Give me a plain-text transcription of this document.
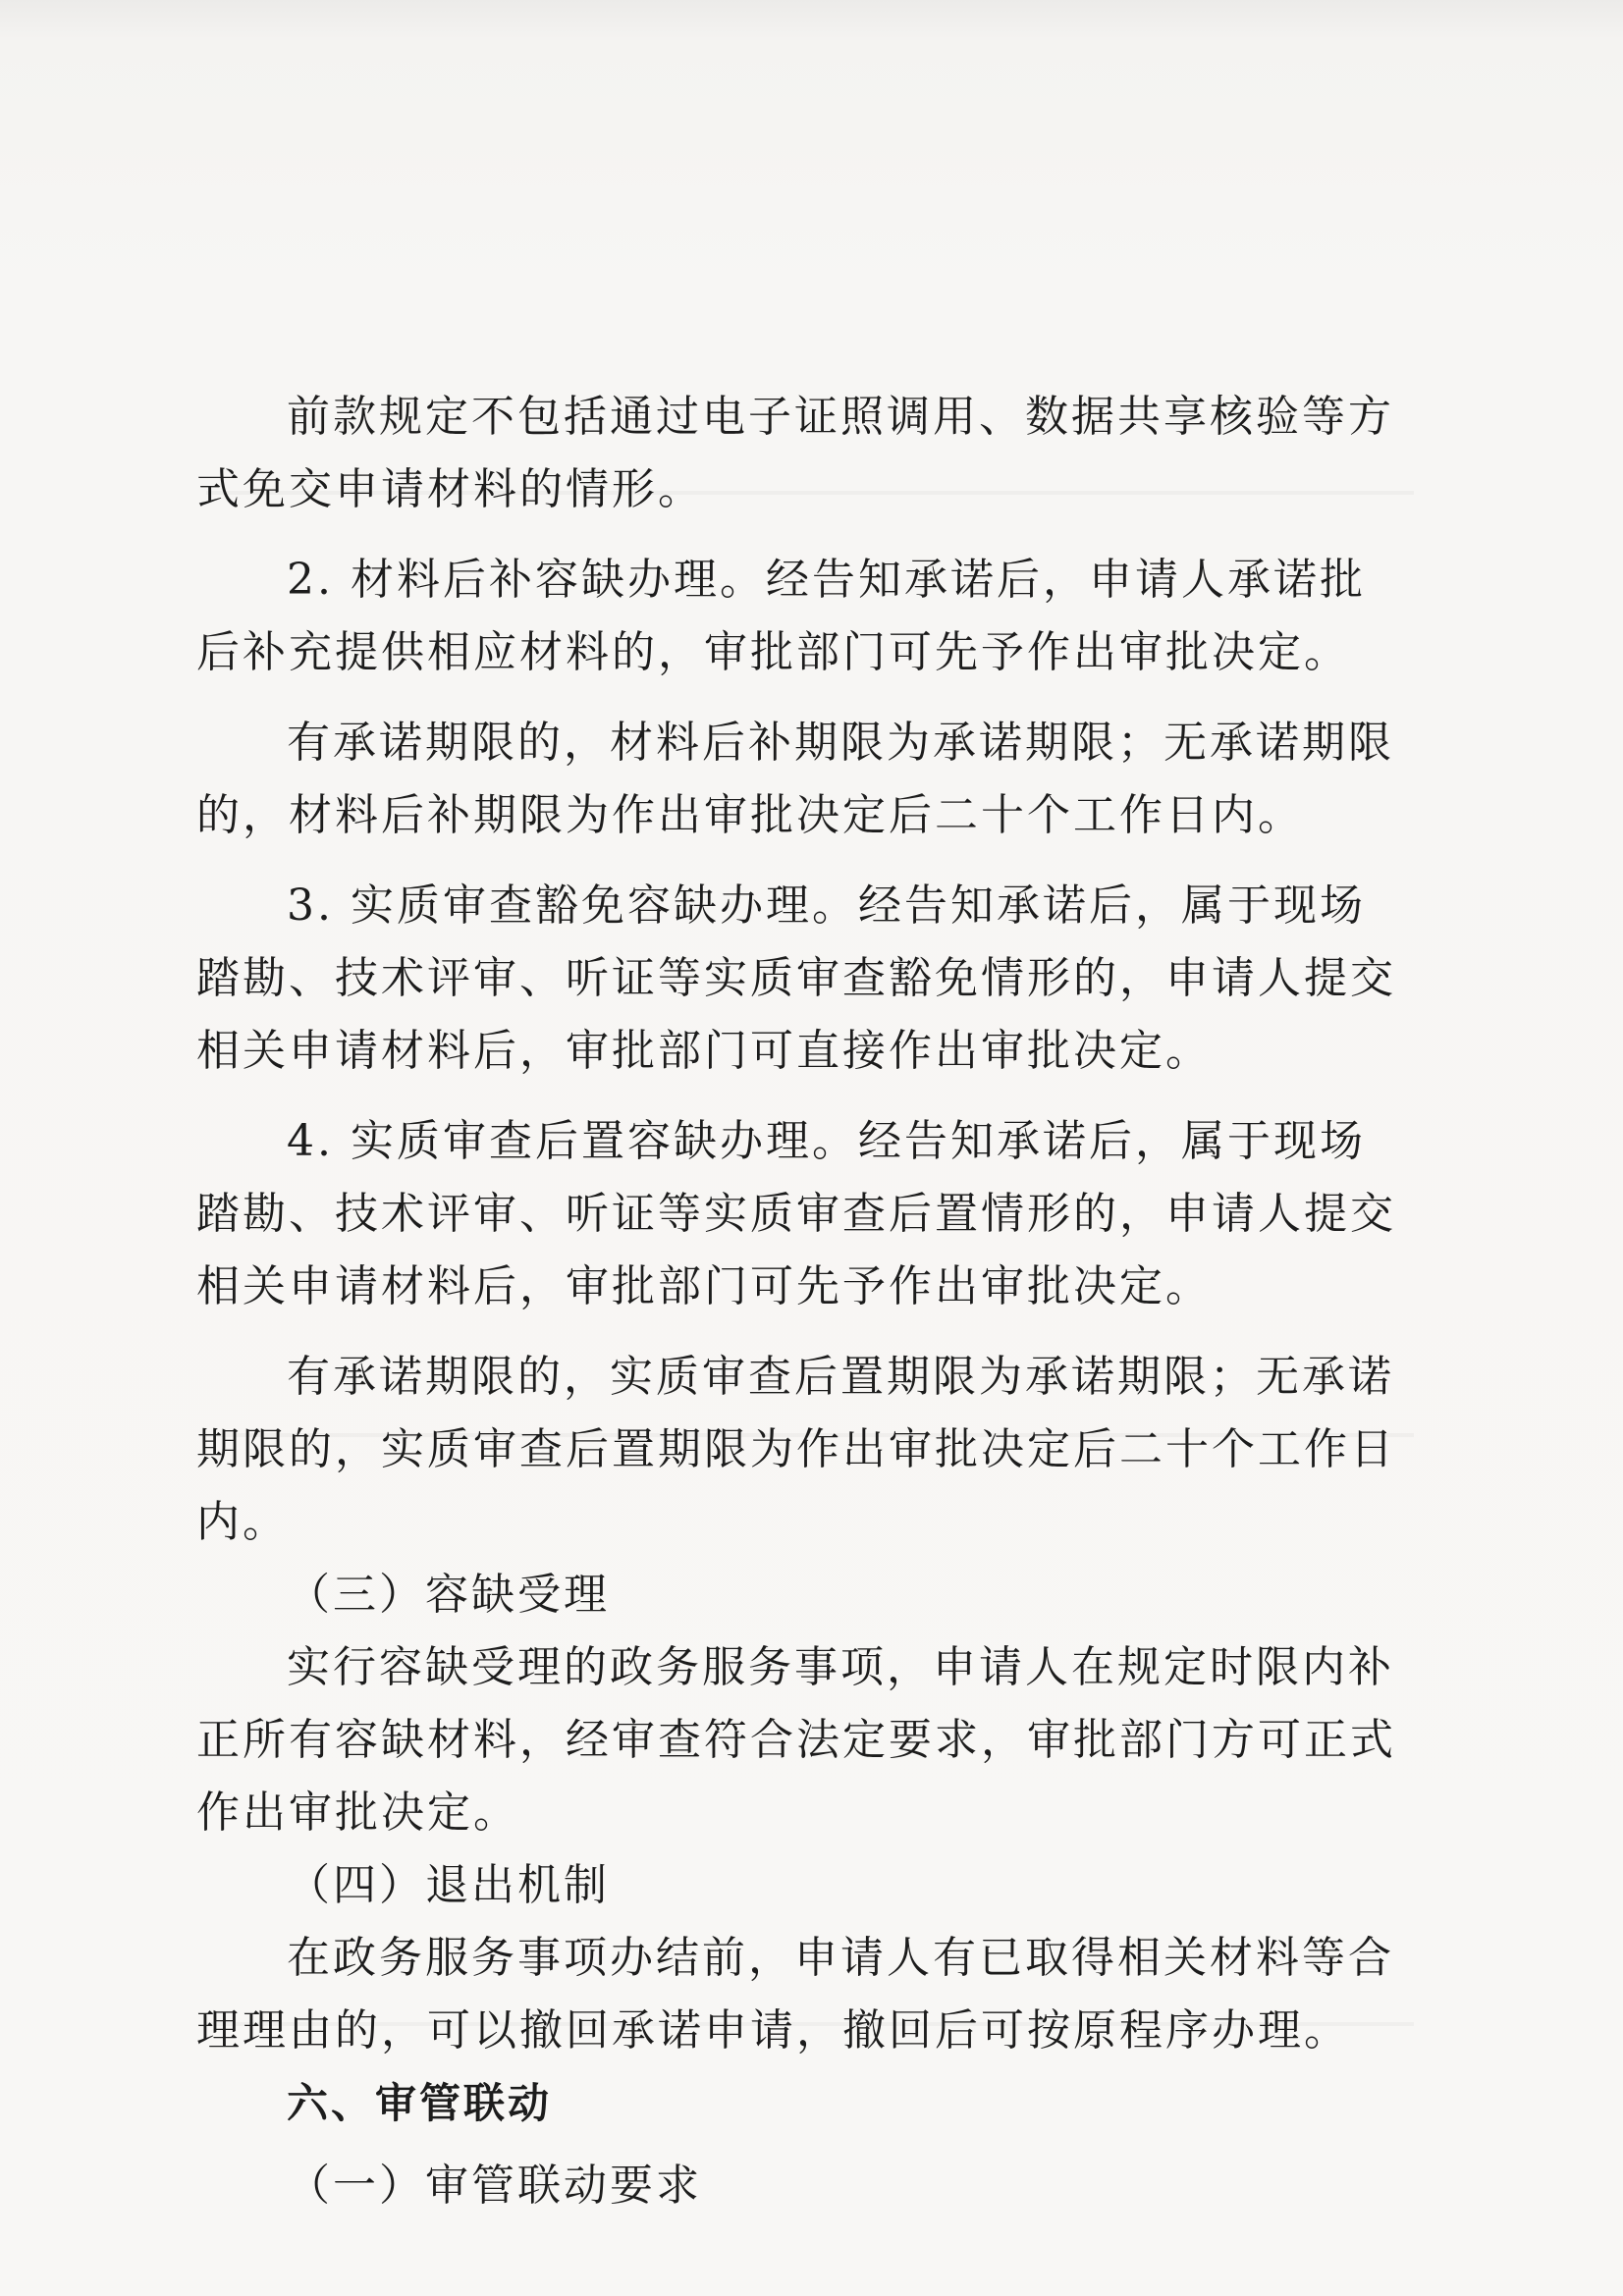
前款规定不包括通过电子证照调用、数据共享核验等方式免交申请材料的情形。

2. 材料后补容缺办理。经告知承诺后，申请人承诺批后补充提供相应材料的，审批部门可先予作出审批决定。

有承诺期限的，材料后补期限为承诺期限；无承诺期限的，材料后补期限为作出审批决定后二十个工作日内。

3. 实质审查豁免容缺办理。经告知承诺后，属于现场踏勘、技术评审、听证等实质审查豁免情形的，申请人提交相关申请材料后，审批部门可直接作出审批决定。

4. 实质审查后置容缺办理。经告知承诺后，属于现场踏勘、技术评审、听证等实质审查后置情形的，申请人提交相关申请材料后，审批部门可先予作出审批决定。

有承诺期限的，实质审查后置期限为承诺期限；无承诺期限的，实质审查后置期限为作出审批决定后二十个工作日内。

（三）容缺受理

实行容缺受理的政务服务事项，申请人在规定时限内补正所有容缺材料，经审查符合法定要求，审批部门方可正式作出审批决定。

（四）退出机制

在政务服务事项办结前，申请人有已取得相关材料等合理理由的，可以撤回承诺申请，撤回后可按原程序办理。

六、审管联动

（一）审管联动要求
